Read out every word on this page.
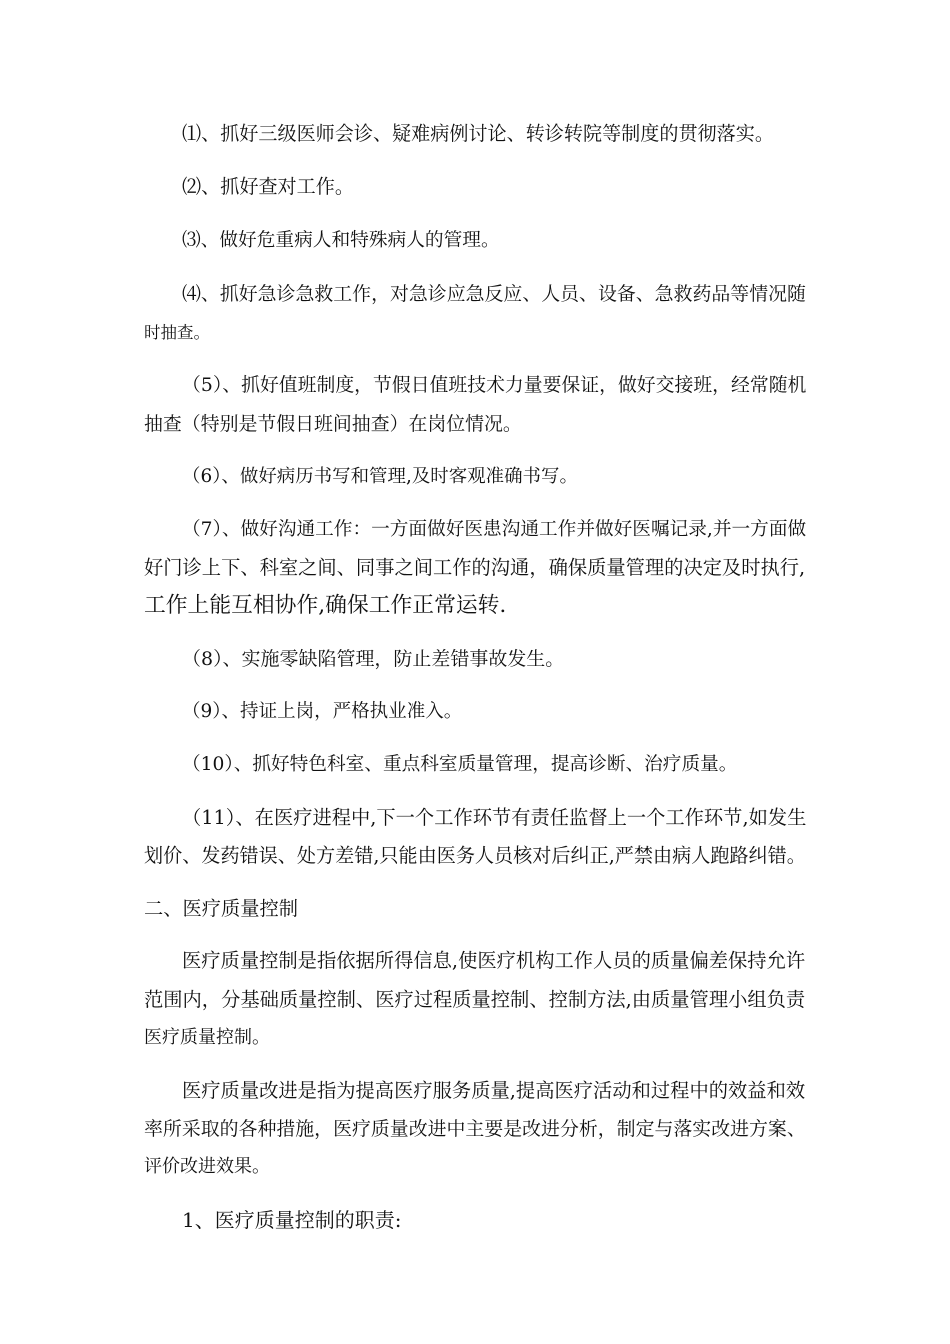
⑴、抓好三级医师会诊、疑难病例讨论、转诊转院等制度的贯彻落实。

⑵、抓好查对工作。

⑶、做好危重病人和特殊病人的管理。

⑷、抓好急诊急救工作，对急诊应急反应、人员、设备、急救药品等情况随

时抽查。

（5）、抓好值班制度，节假日值班技术力量要保证，做好交接班，经常随机

抽查（特别是节假日班间抽查）在岗位情况。

（6）、做好病历书写和管理,及时客观准确书写。

（7）、做好沟通工作：一方面做好医患沟通工作并做好医嘱记录,并一方面做

好门诊上下、科室之间、同事之间工作的沟通，确保质量管理的决定及时执行,

工作上能互相协作,确保工作正常运转.

（8）、实施零缺陷管理，防止差错事故发生。

（9）、持证上岗，严格执业准入。

（10）、抓好特色科室、重点科室质量管理，提高诊断、治疗质量。

（11）、在医疗进程中,下一个工作环节有责任监督上一个工作环节,如发生

划价、发药错误、处方差错,只能由医务人员核对后纠正,严禁由病人跑路纠错。

二、医疗质量控制

医疗质量控制是指依据所得信息,使医疗机构工作人员的质量偏差保持允许

范围内，分基础质量控制、医疗过程质量控制、控制方法,由质量管理小组负责

医疗质量控制。

医疗质量改进是指为提高医疗服务质量,提高医疗活动和过程中的效益和效

率所采取的各种措施，医疗质量改进中主要是改进分析，制定与落实改进方案、

评价改进效果。

1、医疗质量控制的职责:
